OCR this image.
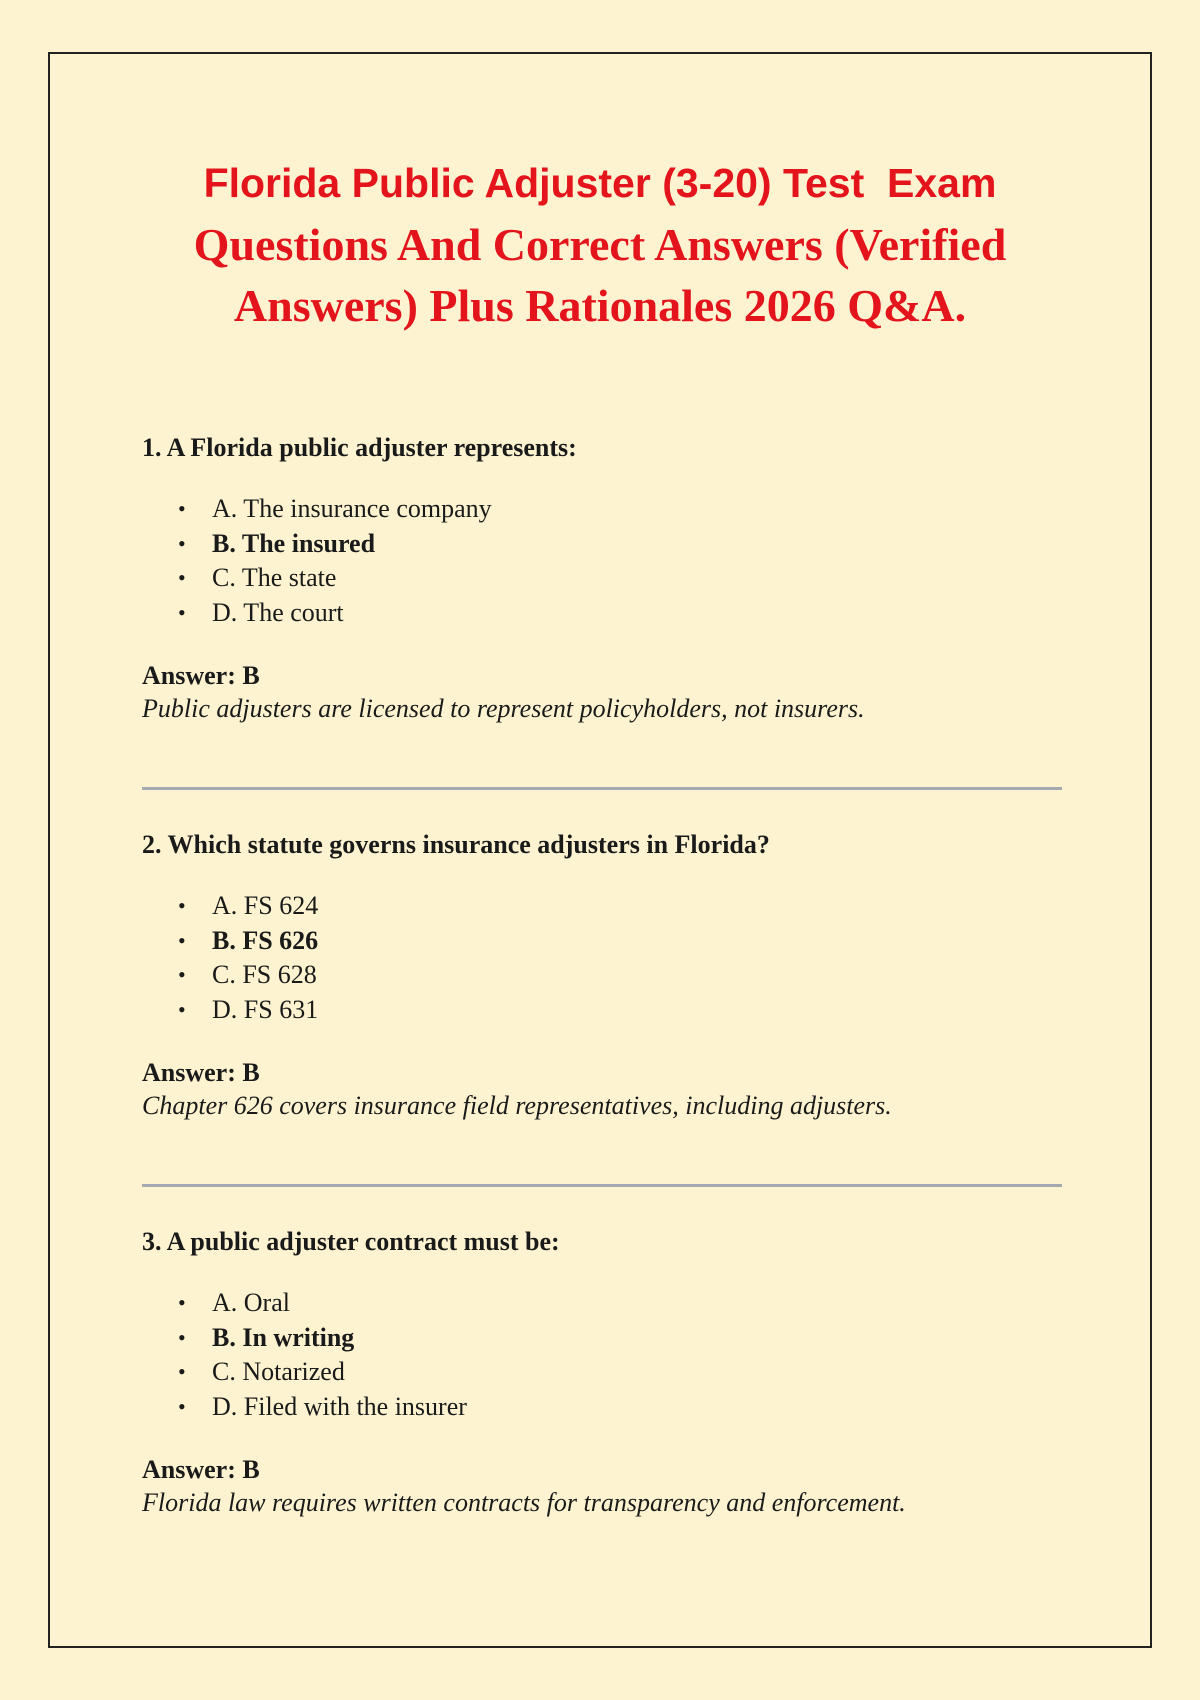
Florida Public Adjuster (3-20) Test  Exam
Questions And Correct Answers (Verified
Answers) Plus Rationales 2026 Q&A.

1. A Florida public adjuster represents:

• A. The insurance company
• B. The insured
• C. The state
• D. The court
Answer: B
Public adjusters are licensed to represent policyholders, not insurers.

2. Which statute governs insurance adjusters in Florida?

• A. FS 624
• B. FS 626
• C. FS 628
• D. FS 631
Answer: B
Chapter 626 covers insurance field representatives, including adjusters.

3. A public adjuster contract must be:

• A. Oral
• B. In writing
• C. Notarized
• D. Filed with the insurer
Answer: B
Florida law requires written contracts for transparency and enforcement.
